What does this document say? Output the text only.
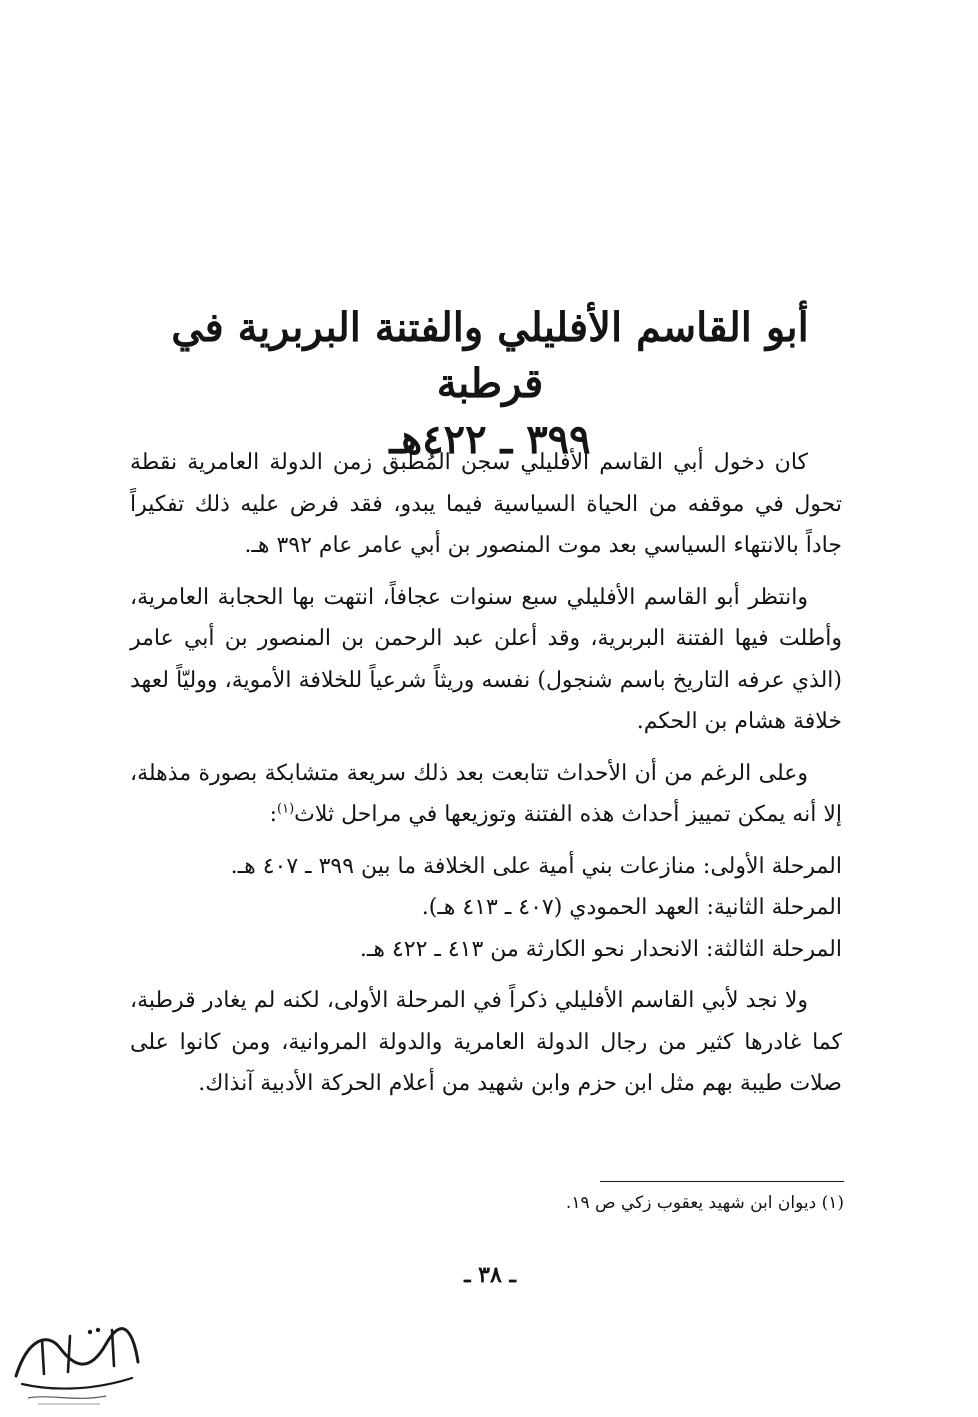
أبو القاسم الأفليلي والفتنة البربرية في قرطبة
٣٩٩ ـ ٤٢٢هـ

كان دخول أبي القاسم الأفليلي سجن المُطْبق زمن الدولة العامرية نقطة تحول في موقفه من الحياة السياسية فيما يبدو، فقد فرض عليه ذلك تفكيراً جاداً بالانتهاء السياسي بعد موت المنصور بن أبي عامر عام ٣٩٢ هـ.

وانتظر أبو القاسم الأفليلي سبع سنوات عجافاً، انتهت بها الحجابة العامرية، وأطلت فيها الفتنة البربرية، وقد أعلن عبد الرحمن بن المنصور بن أبي عامر (الذي عرفه التاريخ باسم شنجول) نفسه وريثاً شرعياً للخلافة الأموية، ووليّاً لعهد خلافة هشام بن الحكم.

وعلى الرغم من أن الأحداث تتابعت بعد ذلك سريعة متشابكة بصورة مذهلة، إلا أنه يمكن تمييز أحداث هذه الفتنة وتوزيعها في مراحل ثلاث$^{(١)}$:

المرحلة الأولى: منازعات بني أمية على الخلافة ما بين ٣٩٩ ـ ٤٠٧ هـ.

المرحلة الثانية: العهد الحمودي (٤٠٧ ـ ٤١٣ هـ).

المرحلة الثالثة: الانحدار نحو الكارثة من ٤١٣ ـ ٤٢٢ هـ.

ولا نجد لأبي القاسم الأفليلي ذكراً في المرحلة الأولى، لكنه لم يغادر قرطبة، كما غادرها كثير من رجال الدولة العامرية والدولة المروانية، ومن كانوا على صلات طيبة بهم مثل ابن حزم وابن شهيد من أعلام الحركة الأدبية آنذاك.

(١) ديوان ابن شهيد يعقوب زكي ص ١٩.
ـ ٣٨ ـ
